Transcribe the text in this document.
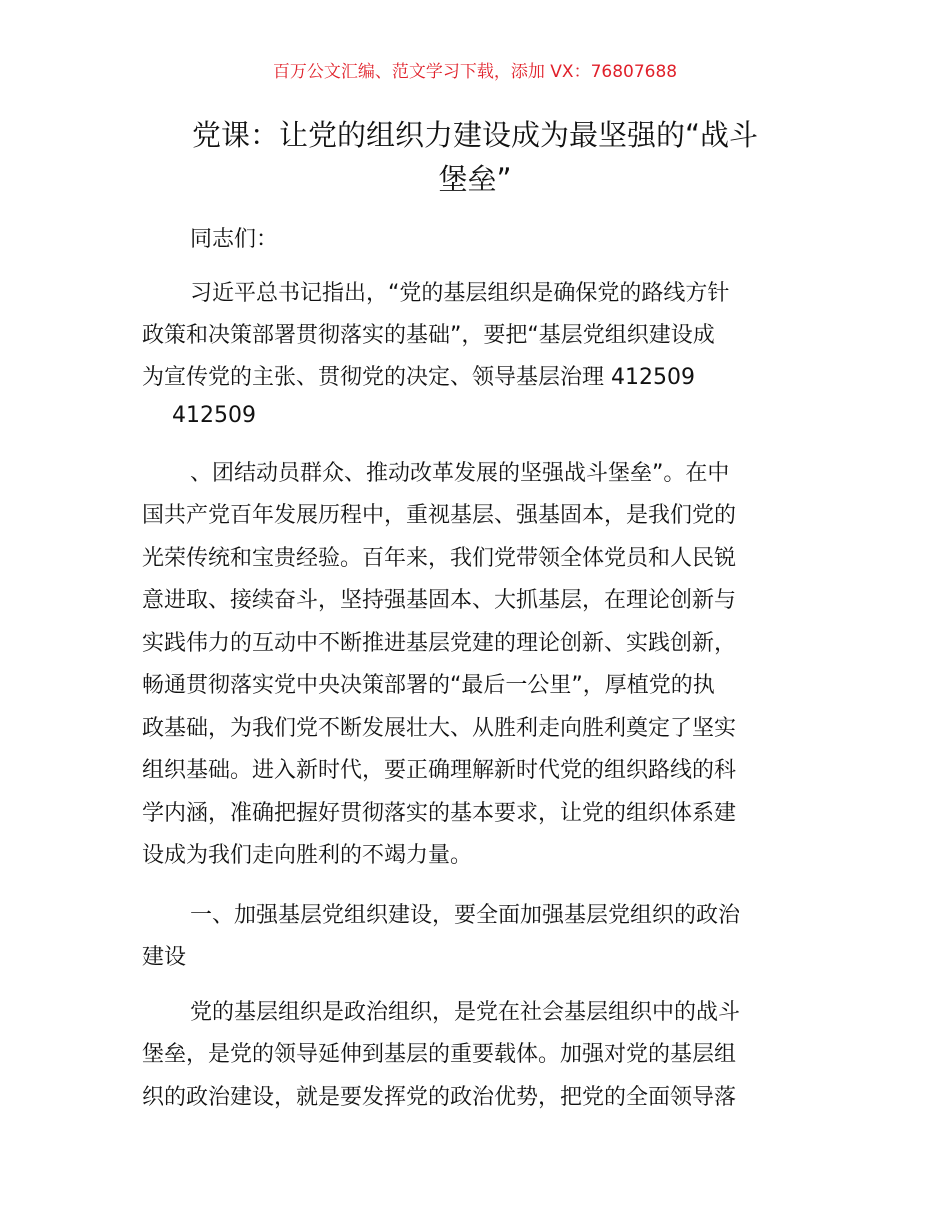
百万公文汇编、范文学习下载，添加 VX：76807688
党课：让党的组织力建设成为最坚强的“战斗
堡垒”
同志们：
习近平总书记指出，“党的基层组织是确保党的路线方针
政策和决策部署贯彻落实的基础”，要把“基层党组织建设成
为宣传党的主张、贯彻党的决定、领导基层治理 412509
412509
、团结动员群众、推动改革发展的坚强战斗堡垒”。在中
国共产党百年发展历程中，重视基层、强基固本，是我们党的
光荣传统和宝贵经验。百年来，我们党带领全体党员和人民锐
意进取、接续奋斗，坚持强基固本、大抓基层，在理论创新与
实践伟力的互动中不断推进基层党建的理论创新、实践创新，
畅通贯彻落实党中央决策部署的“最后一公里”，厚植党的执
政基础，为我们党不断发展壮大、从胜利走向胜利奠定了坚实
组织基础。进入新时代，要正确理解新时代党的组织路线的科
学内涵，准确把握好贯彻落实的基本要求，让党的组织体系建
设成为我们走向胜利的不竭力量。
一、加强基层党组织建设，要全面加强基层党组织的政治
建设
党的基层组织是政治组织，是党在社会基层组织中的战斗
堡垒，是党的领导延伸到基层的重要载体。加强对党的基层组
织的政治建设，就是要发挥党的政治优势，把党的全面领导落
